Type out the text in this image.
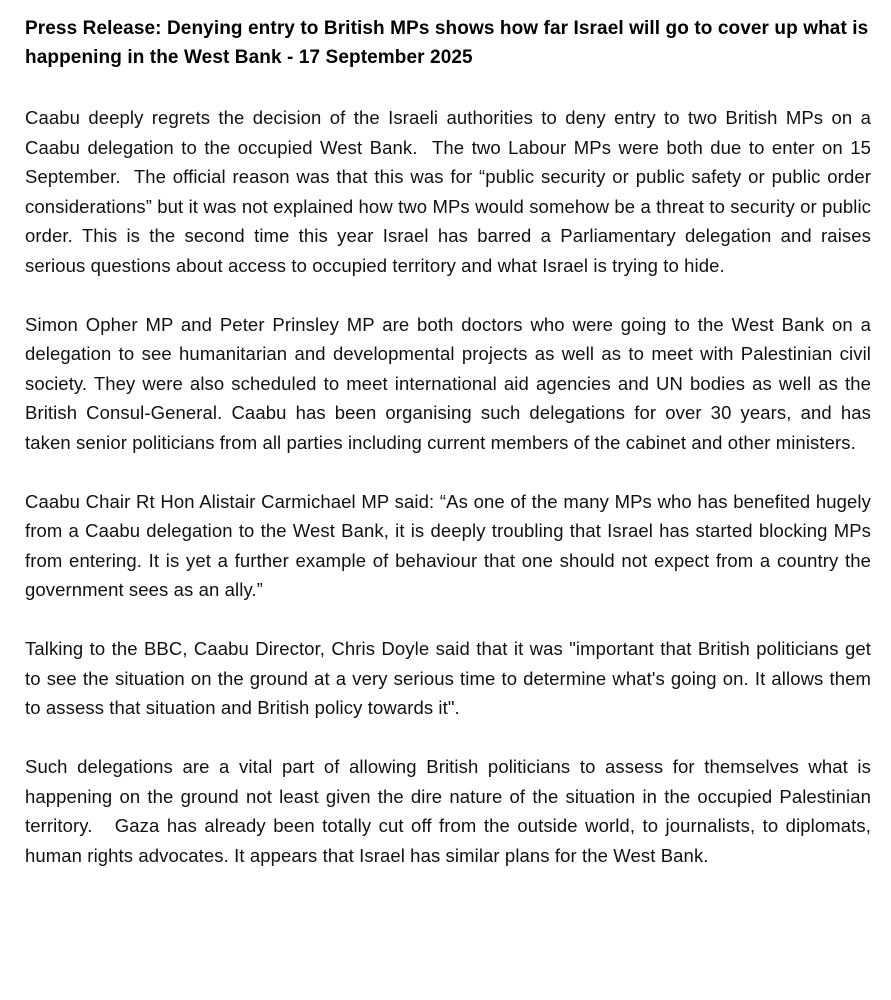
Press Release: Denying entry to British MPs shows how far Israel will go to cover up what is happening in the West Bank - 17 September 2025

Caabu deeply regrets the decision of the Israeli authorities to deny entry to two British MPs on a Caabu delegation to the occupied West Bank.  The two Labour MPs were both due to enter on 15 September.  The official reason was that this was for “public security or public safety or public order considerations” but it was not explained how two MPs would somehow be a threat to security or public order. This is the second time this year Israel has barred a Parliamentary delegation and raises serious questions about access to occupied territory and what Israel is trying to hide.

Simon Opher MP and Peter Prinsley MP are both doctors who were going to the West Bank on a delegation to see humanitarian and developmental projects as well as to meet with Palestinian civil society. They were also scheduled to meet international aid agencies and UN bodies as well as the British Consul-General. Caabu has been organising such delegations for over 30 years, and has taken senior politicians from all parties including current members of the cabinet and other ministers.

Caabu Chair Rt Hon Alistair Carmichael MP said: “As one of the many MPs who has benefited hugely from a Caabu delegation to the West Bank, it is deeply troubling that Israel has started blocking MPs from entering. It is yet a further example of behaviour that one should not expect from a country the government sees as an ally.”

Talking to the BBC, Caabu Director, Chris Doyle said that it was "important that British politicians get to see the situation on the ground at a very serious time to determine what's going on. It allows them to assess that situation and British policy towards it".

Such delegations are a vital part of allowing British politicians to assess for themselves what is happening on the ground not least given the dire nature of the situation in the occupied Palestinian territory.   Gaza has already been totally cut off from the outside world, to journalists, to diplomats, human rights advocates. It appears that Israel has similar plans for the West Bank.
